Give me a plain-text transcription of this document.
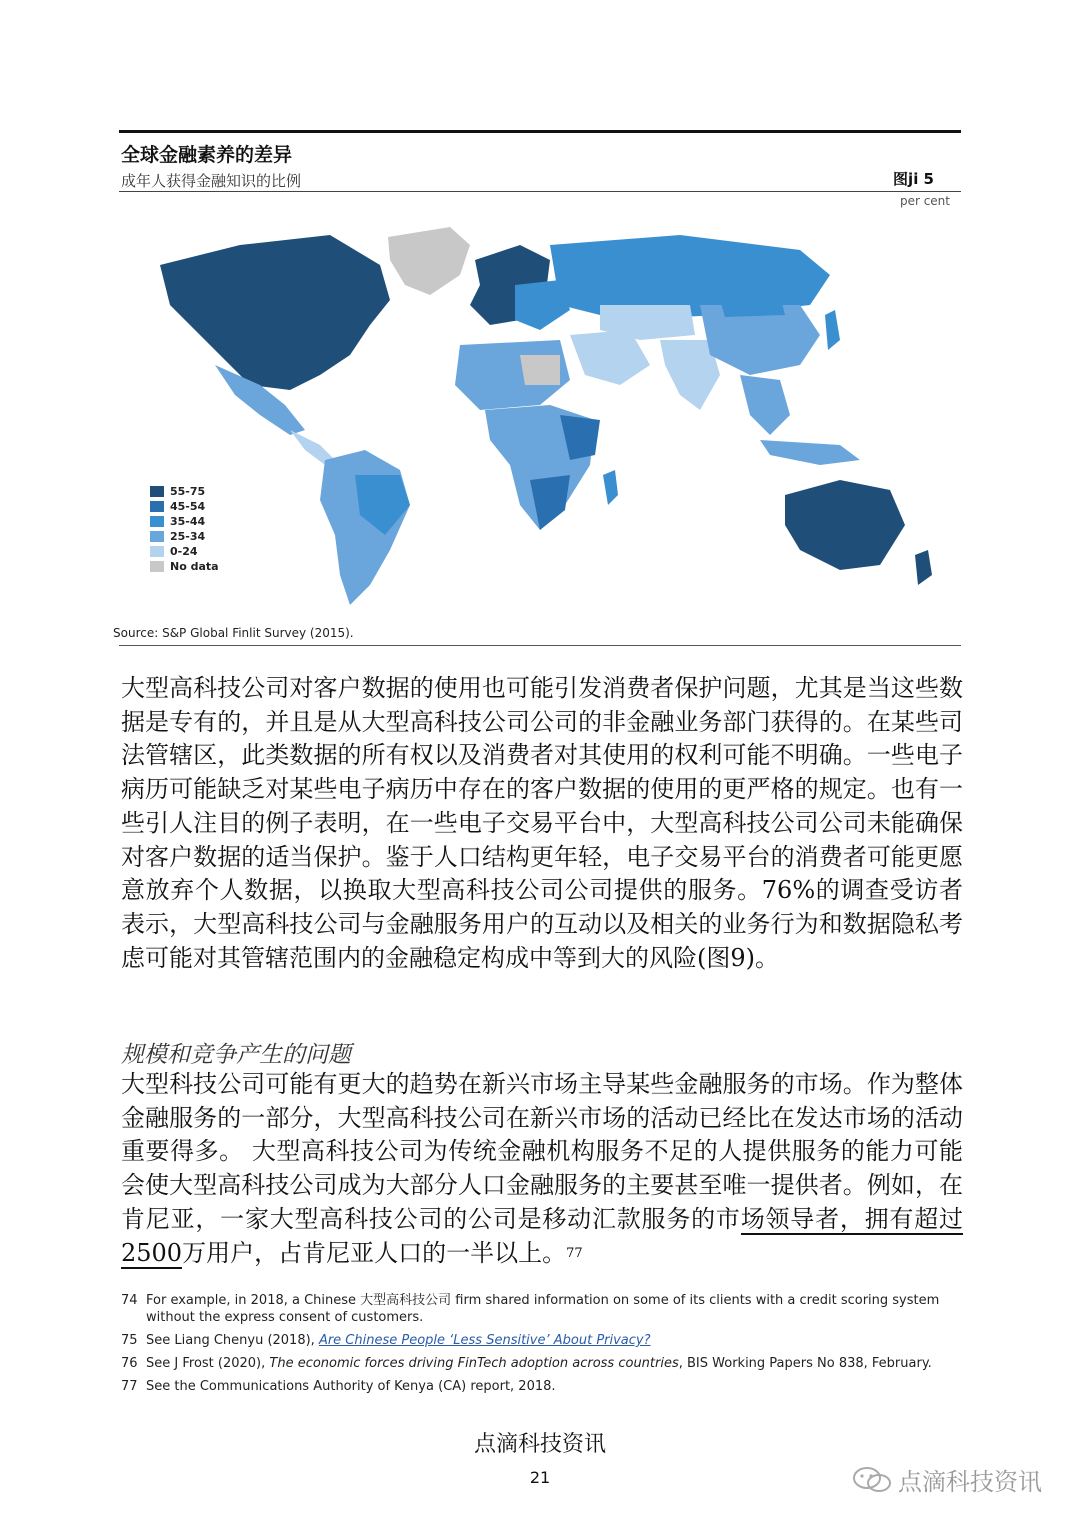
全球金融素养的差异
成年人获得金融知识的比例	图ji 5
per cent
55-75
45-54
35-44
25-34
0-24
No data
Source: S&P Global Finlit Survey (2015).

大型高科技公司对客户数据的使用也可能引发消费者保护问题，尤其是当这些数据是专有的，并且是从大型高科技公司公司的非金融业务部门获得的。在某些司法管辖区，此类数据的所有权以及消费者对其使用的权利可能不明确。一些电子病历可能缺乏对某些电子病历中存在的客户数据的使用的更严格的规定。也有一些引人注目的例子表明，在一些电子交易平台中，大型高科技公司公司未能确保对客户数据的适当保护。鉴于人口结构更年轻，电子交易平台的消费者可能更愿意放弃个人数据，以换取大型高科技公司公司提供的服务。76%的调查受访者表示，大型高科技公司与金融服务用户的互动以及相关的业务行为和数据隐私考虑可能对其管辖范围内的金融稳定构成中等到大的风险(图9)。

规模和竞争产生的问题

大型科技公司可能有更大的趋势在新兴市场主导某些金融服务的市场。作为整体金融服务的一部分，大型高科技公司在新兴市场的活动已经比在发达市场的活动重要得多。 大型高科技公司为传统金融机构服务不足的人提供服务的能力可能会使大型高科技公司成为大部分人口金融服务的主要甚至唯一提供者。例如，在肯尼亚，一家大型高科技公司的公司是移动汇款服务的市场领导者，拥有超过2500万用户，占肯尼亚人口的一半以上。$^{77}$

74 For example, in 2018, a Chinese 大型高科技公司 firm shared information on some of its clients with a credit scoring system without the express consent of customers.
75 See Liang Chenyu (2018), Are Chinese People ‘Less Sensitive’ About Privacy?
76 See J Frost (2020), The economic forces driving FinTech adoption across countries, BIS Working Papers No 838, February.
77 See the Communications Authority of Kenya (CA) report, 2018.
点滴科技资讯
21	点滴科技资讯
